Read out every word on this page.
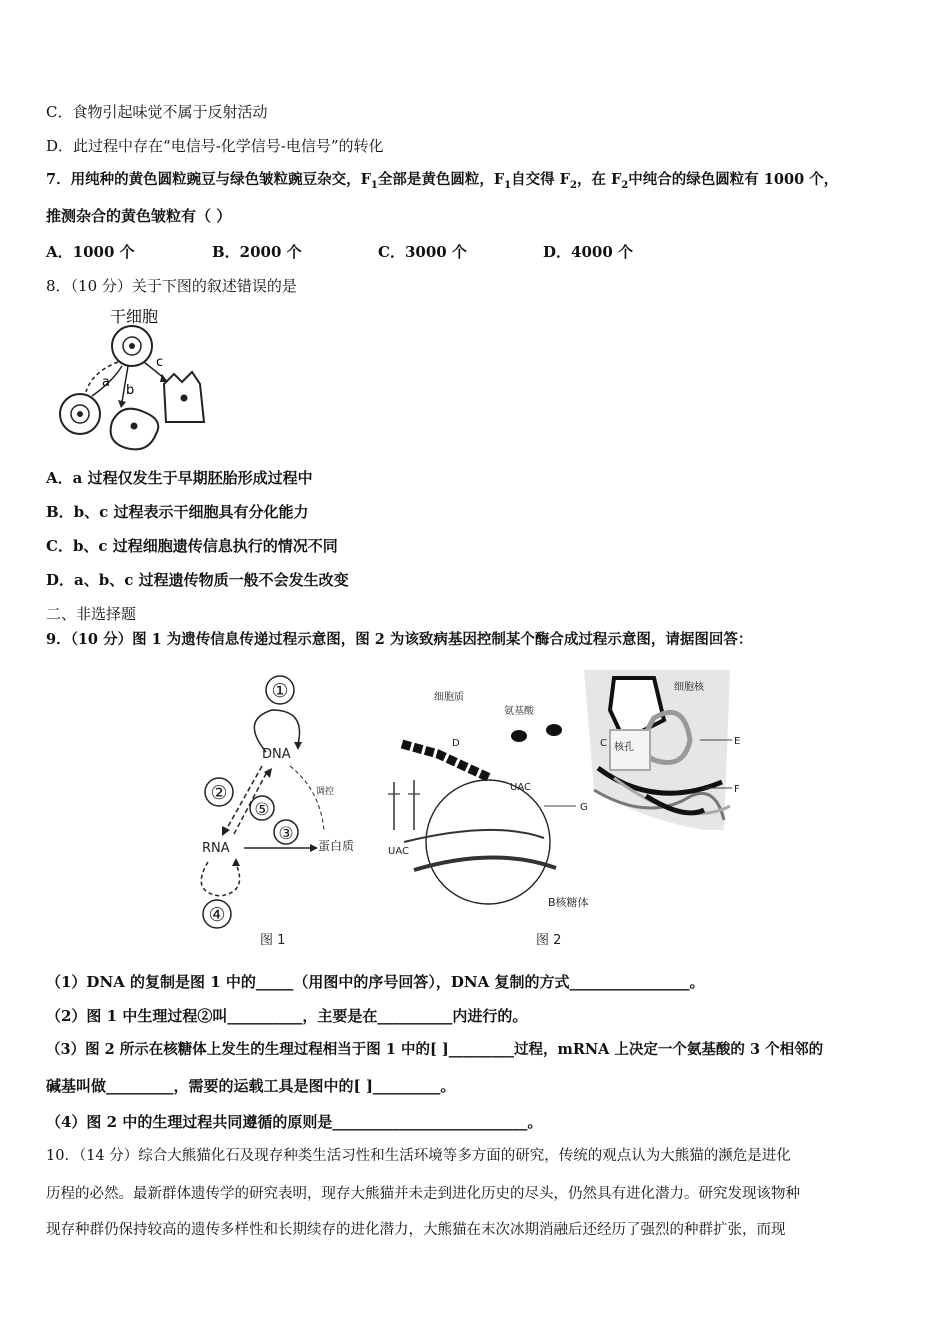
C．食物引起味觉不属于反射活动
D．此过程中存在“电信号-化学信号-电信号”的转化
7．用纯种的黄色圆粒豌豆与绿色皱粒豌豆杂交，$F_1$全部是黄色圆粒，$F_1$自交得 $F_2$，在 $F_2$中纯合的绿色圆粒有 1000 个，
推测杂合的黄色皱粒有（ ）
A．1000 个	B．2000 个	C．3000 个	D．4000 个
8．（10 分）关于下图的叙述错误的是
干细胞
a
b
c
A．a 过程仅发生于早期胚胎形成过程中
B．b、c 过程表示干细胞具有分化能力
C．b、c 过程细胞遗传信息执行的情况不同
D．a、b、c 过程遗传物质一般不会发生改变
二、非选择题
9．（10 分）图 1 为遗传信息传递过程示意图，图 2 为该致病基因控制某个酶合成过程示意图，请据图回答：
①
DNA
RNA	蛋白质
调控
②
⑤
③
④
图 1
细胞核
核孔
C	E
F
细胞质
氨基酸
D
UAC
UAC
G
B核糖体
图 2
（1）DNA 的复制是图 1 中的_____（用图中的序号回答），DNA 复制的方式________________。
（2）图 1 中生理过程②叫__________，主要是在__________内进行的。
（3）图 2 所示在核糖体上发生的生理过程相当于图 1 中的[ ]_________过程，mRNA 上决定一个氨基酸的 3 个相邻的
碱基叫做_________，需要的运载工具是图中的[ ]_________。
（4）图 2 中的生理过程共同遵循的原则是__________________________。
10．（14 分）综合大熊猫化石及现存种类生活习性和生活环境等多方面的研究，传统的观点认为大熊猫的濒危是进化
历程的必然。最新群体遗传学的研究表明，现存大熊猫并未走到进化历史的尽头，仍然具有进化潜力。研究发现该物种
现存种群仍保持较高的遗传多样性和长期续存的进化潜力，大熊猫在末次冰期消融后还经历了强烈的种群扩张，而现
